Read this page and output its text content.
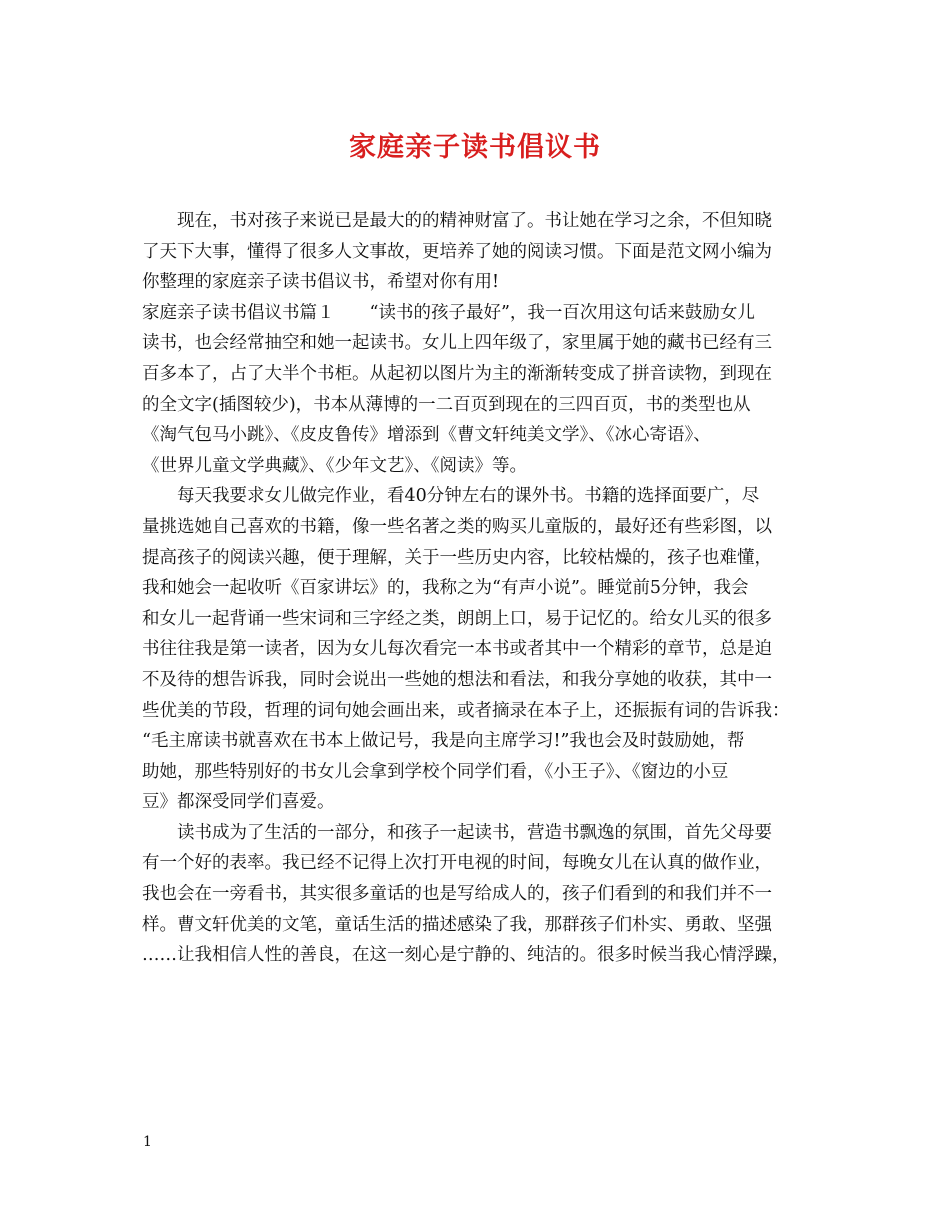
家庭亲子读书倡议书
现在，书对孩子来说已是最大的的精神财富了。书让她在学习之余，不但知晓
了天下大事，懂得了很多人文事故，更培养了她的阅读习惯。下面是范文网小编为
你整理的家庭亲子读书倡议书，希望对你有用!
家庭亲子读书倡议书篇１　　“读书的孩子最好”，我一百次用这句话来鼓励女儿
读书，也会经常抽空和她一起读书。女儿上四年级了，家里属于她的藏书已经有三
百多本了，占了大半个书柜。从起初以图片为主的渐渐转变成了拼音读物，到现在
的全文字(插图较少)，书本从薄博的一二百页到现在的三四百页，书的类型也从
《淘气包马小跳》、《皮皮鲁传》增添到《曹文轩纯美文学》、《冰心寄语》、
《世界儿童文学典藏》、《少年文艺》、《阅读》等。
每天我要求女儿做完作业，看40分钟左右的课外书。书籍的选择面要广，尽
量挑选她自己喜欢的书籍，像一些名著之类的购买儿童版的，最好还有些彩图，以
提高孩子的阅读兴趣，便于理解，关于一些历史内容，比较枯燥的，孩子也难懂，
我和她会一起收听《百家讲坛》的，我称之为“有声小说”。睡觉前5分钟，我会
和女儿一起背诵一些宋词和三字经之类，朗朗上口，易于记忆的。给女儿买的很多
书往往我是第一读者，因为女儿每次看完一本书或者其中一个精彩的章节，总是迫
不及待的想告诉我，同时会说出一些她的想法和看法，和我分享她的收获，其中一
些优美的节段，哲理的词句她会画出来，或者摘录在本子上，还振振有词的告诉我：
“毛主席读书就喜欢在书本上做记号，我是向主席学习!”我也会及时鼓励她，帮
助她，那些特别好的书女儿会拿到学校个同学们看，《小王子》、《窗边的小豆
豆》都深受同学们喜爱。
读书成为了生活的一部分，和孩子一起读书，营造书飘逸的氛围，首先父母要
有一个好的表率。我已经不记得上次打开电视的时间，每晚女儿在认真的做作业，
我也会在一旁看书，其实很多童话的也是写给成人的，孩子们看到的和我们并不一
样。曹文轩优美的文笔，童话生活的描述感染了我，那群孩子们朴实、勇敢、坚强
……让我相信人性的善良，在这一刻心是宁静的、纯洁的。很多时候当我心情浮躁，
1
